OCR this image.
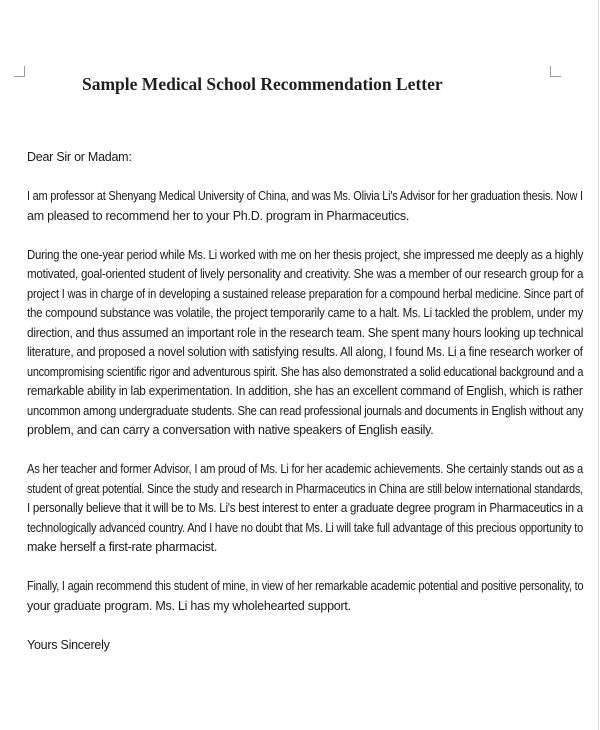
Sample Medical School Recommendation Letter
Dear Sir or Madam:
I am professor at Shenyang Medical University of China, and was Ms. Olivia Li's Advisor for her graduation thesis. Now I
am pleased to recommend her to your Ph.D. program in Pharmaceutics.
During the one-year period while Ms. Li worked with me on her thesis project, she impressed me deeply as a highly
motivated, goal-oriented student of lively personality and creativity. She was a member of our research group for a
project I was in charge of in developing a sustained release preparation for a compound herbal medicine. Since part of
the compound substance was volatile, the project temporarily came to a halt. Ms. Li tackled the problem, under my
direction, and thus assumed an important role in the research team. She spent many hours looking up technical
literature, and proposed a novel solution with satisfying results. All along, I found Ms. Li a fine research worker of
uncompromising scientific rigor and adventurous spirit. She has also demonstrated a solid educational background and a
remarkable ability in lab experimentation. In addition, she has an excellent command of English, which is rather
uncommon among undergraduate students. She can read professional journals and documents in English without any
problem, and can carry a conversation with native speakers of English easily.
As her teacher and former Advisor, I am proud of Ms. Li for her academic achievements. She certainly stands out as a
student of great potential. Since the study and research in Pharmaceutics in China are still below international standards,
I personally believe that it will be to Ms. Li's best interest to enter a graduate degree program in Pharmaceutics in a
technologically advanced country. And I have no doubt that Ms. Li will take full advantage of this precious opportunity to
make herself a first-rate pharmacist.
Finally, I again recommend this student of mine, in view of her remarkable academic potential and positive personality, to
your graduate program. Ms. Li has my wholehearted support.
Yours Sincerely
